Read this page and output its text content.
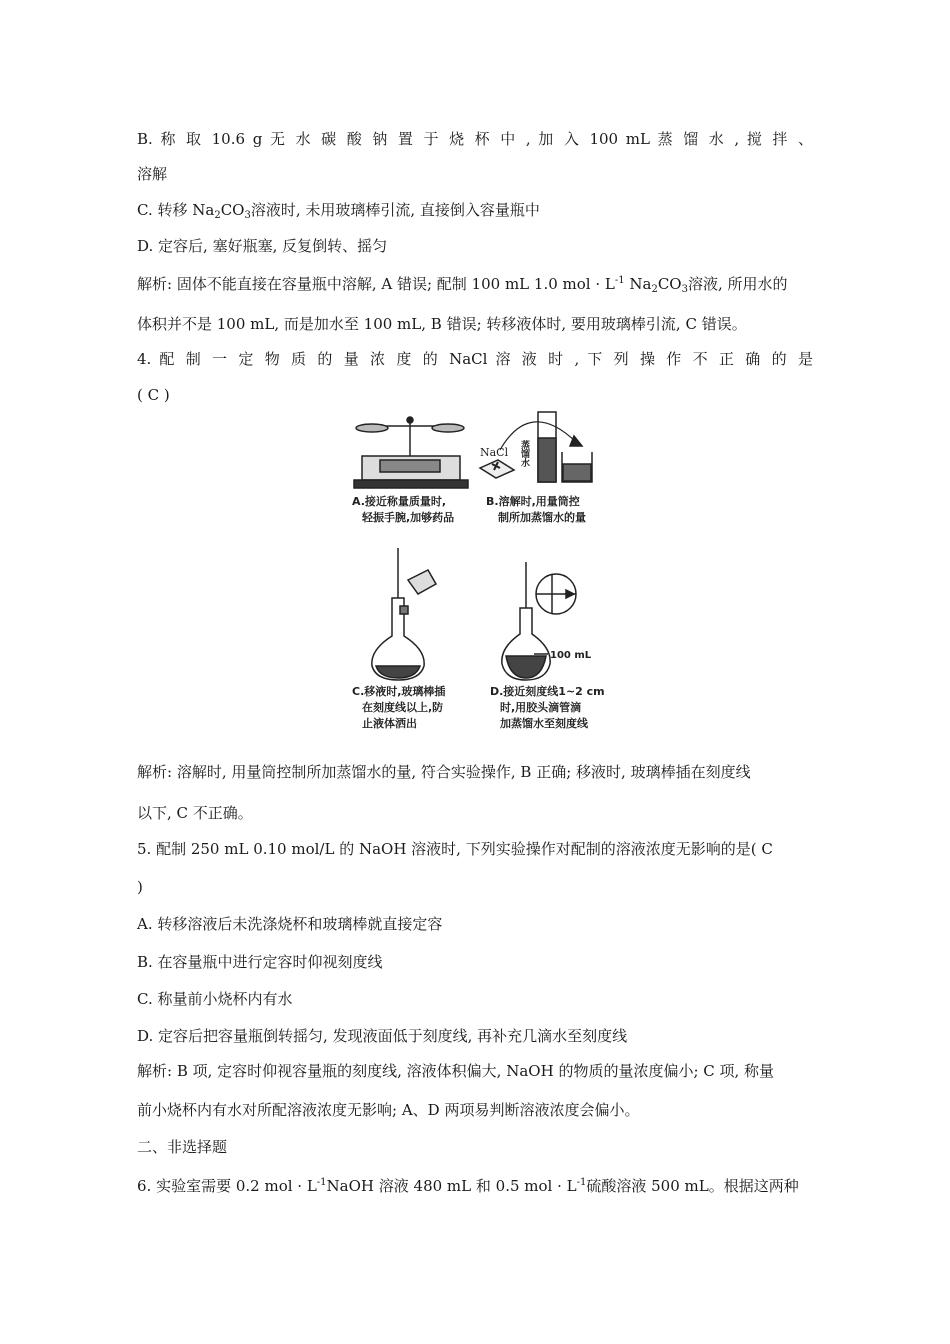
B. 称 取 10.6 g 无 水 碳 酸 钠 置 于 烧 杯 中 , 加 入 100 mL 蒸 馏 水 , 搅 拌 、
溶解
C. 转移 $Na_2CO_3$溶液时, 未用玻璃棒引流, 直接倒入容量瓶中
D. 定容后, 塞好瓶塞, 反复倒转、摇匀
解析: 固体不能直接在容量瓶中溶解, A 错误; 配制 100 mL 1.0 mol · $L^{-1}$ $Na_2CO_3$溶液, 所用水的
体积并不是 100 mL, 而是加水至 100 mL, B 错误; 转移液体时, 要用玻璃棒引流, C 错误。
4. 配 制 一 定 物 质 的 量 浓 度 的 NaCl 溶 液 时 , 下 列 操 作 不 正 确 的 是
( C )
NaCl 蒸馏水
100 mL
A.接近称量质量时,
轻振手腕,加够药品
B.溶解时,用量筒控
制所加蒸馏水的量
C.移液时,玻璃棒插
在刻度线以上,防
止液体洒出
D.接近刻度线1~2 cm
时,用胶头滴管滴
加蒸馏水至刻度线
解析: 溶解时, 用量筒控制所加蒸馏水的量, 符合实验操作, B 正确; 移液时, 玻璃棒插在刻度线
以下, C 不正确。
5. 配制 250 mL 0.10 mol/L 的 NaOH 溶液时, 下列实验操作对配制的溶液浓度无影响的是( C
)
A. 转移溶液后未洗涤烧杯和玻璃棒就直接定容
B. 在容量瓶中进行定容时仰视刻度线
C. 称量前小烧杯内有水
D. 定容后把容量瓶倒转摇匀, 发现液面低于刻度线, 再补充几滴水至刻度线
解析: B 项, 定容时仰视容量瓶的刻度线, 溶液体积偏大, NaOH 的物质的量浓度偏小; C 项, 称量
前小烧杯内有水对所配溶液浓度无影响; A、D 两项易判断溶液浓度会偏小。
二、非选择题
6. 实验室需要 0.2 mol · $L^{-1}NaOH$ 溶液 480 mL 和 0.5 mol · $L^{-1}$硫酸溶液 500 mL。根据这两种
